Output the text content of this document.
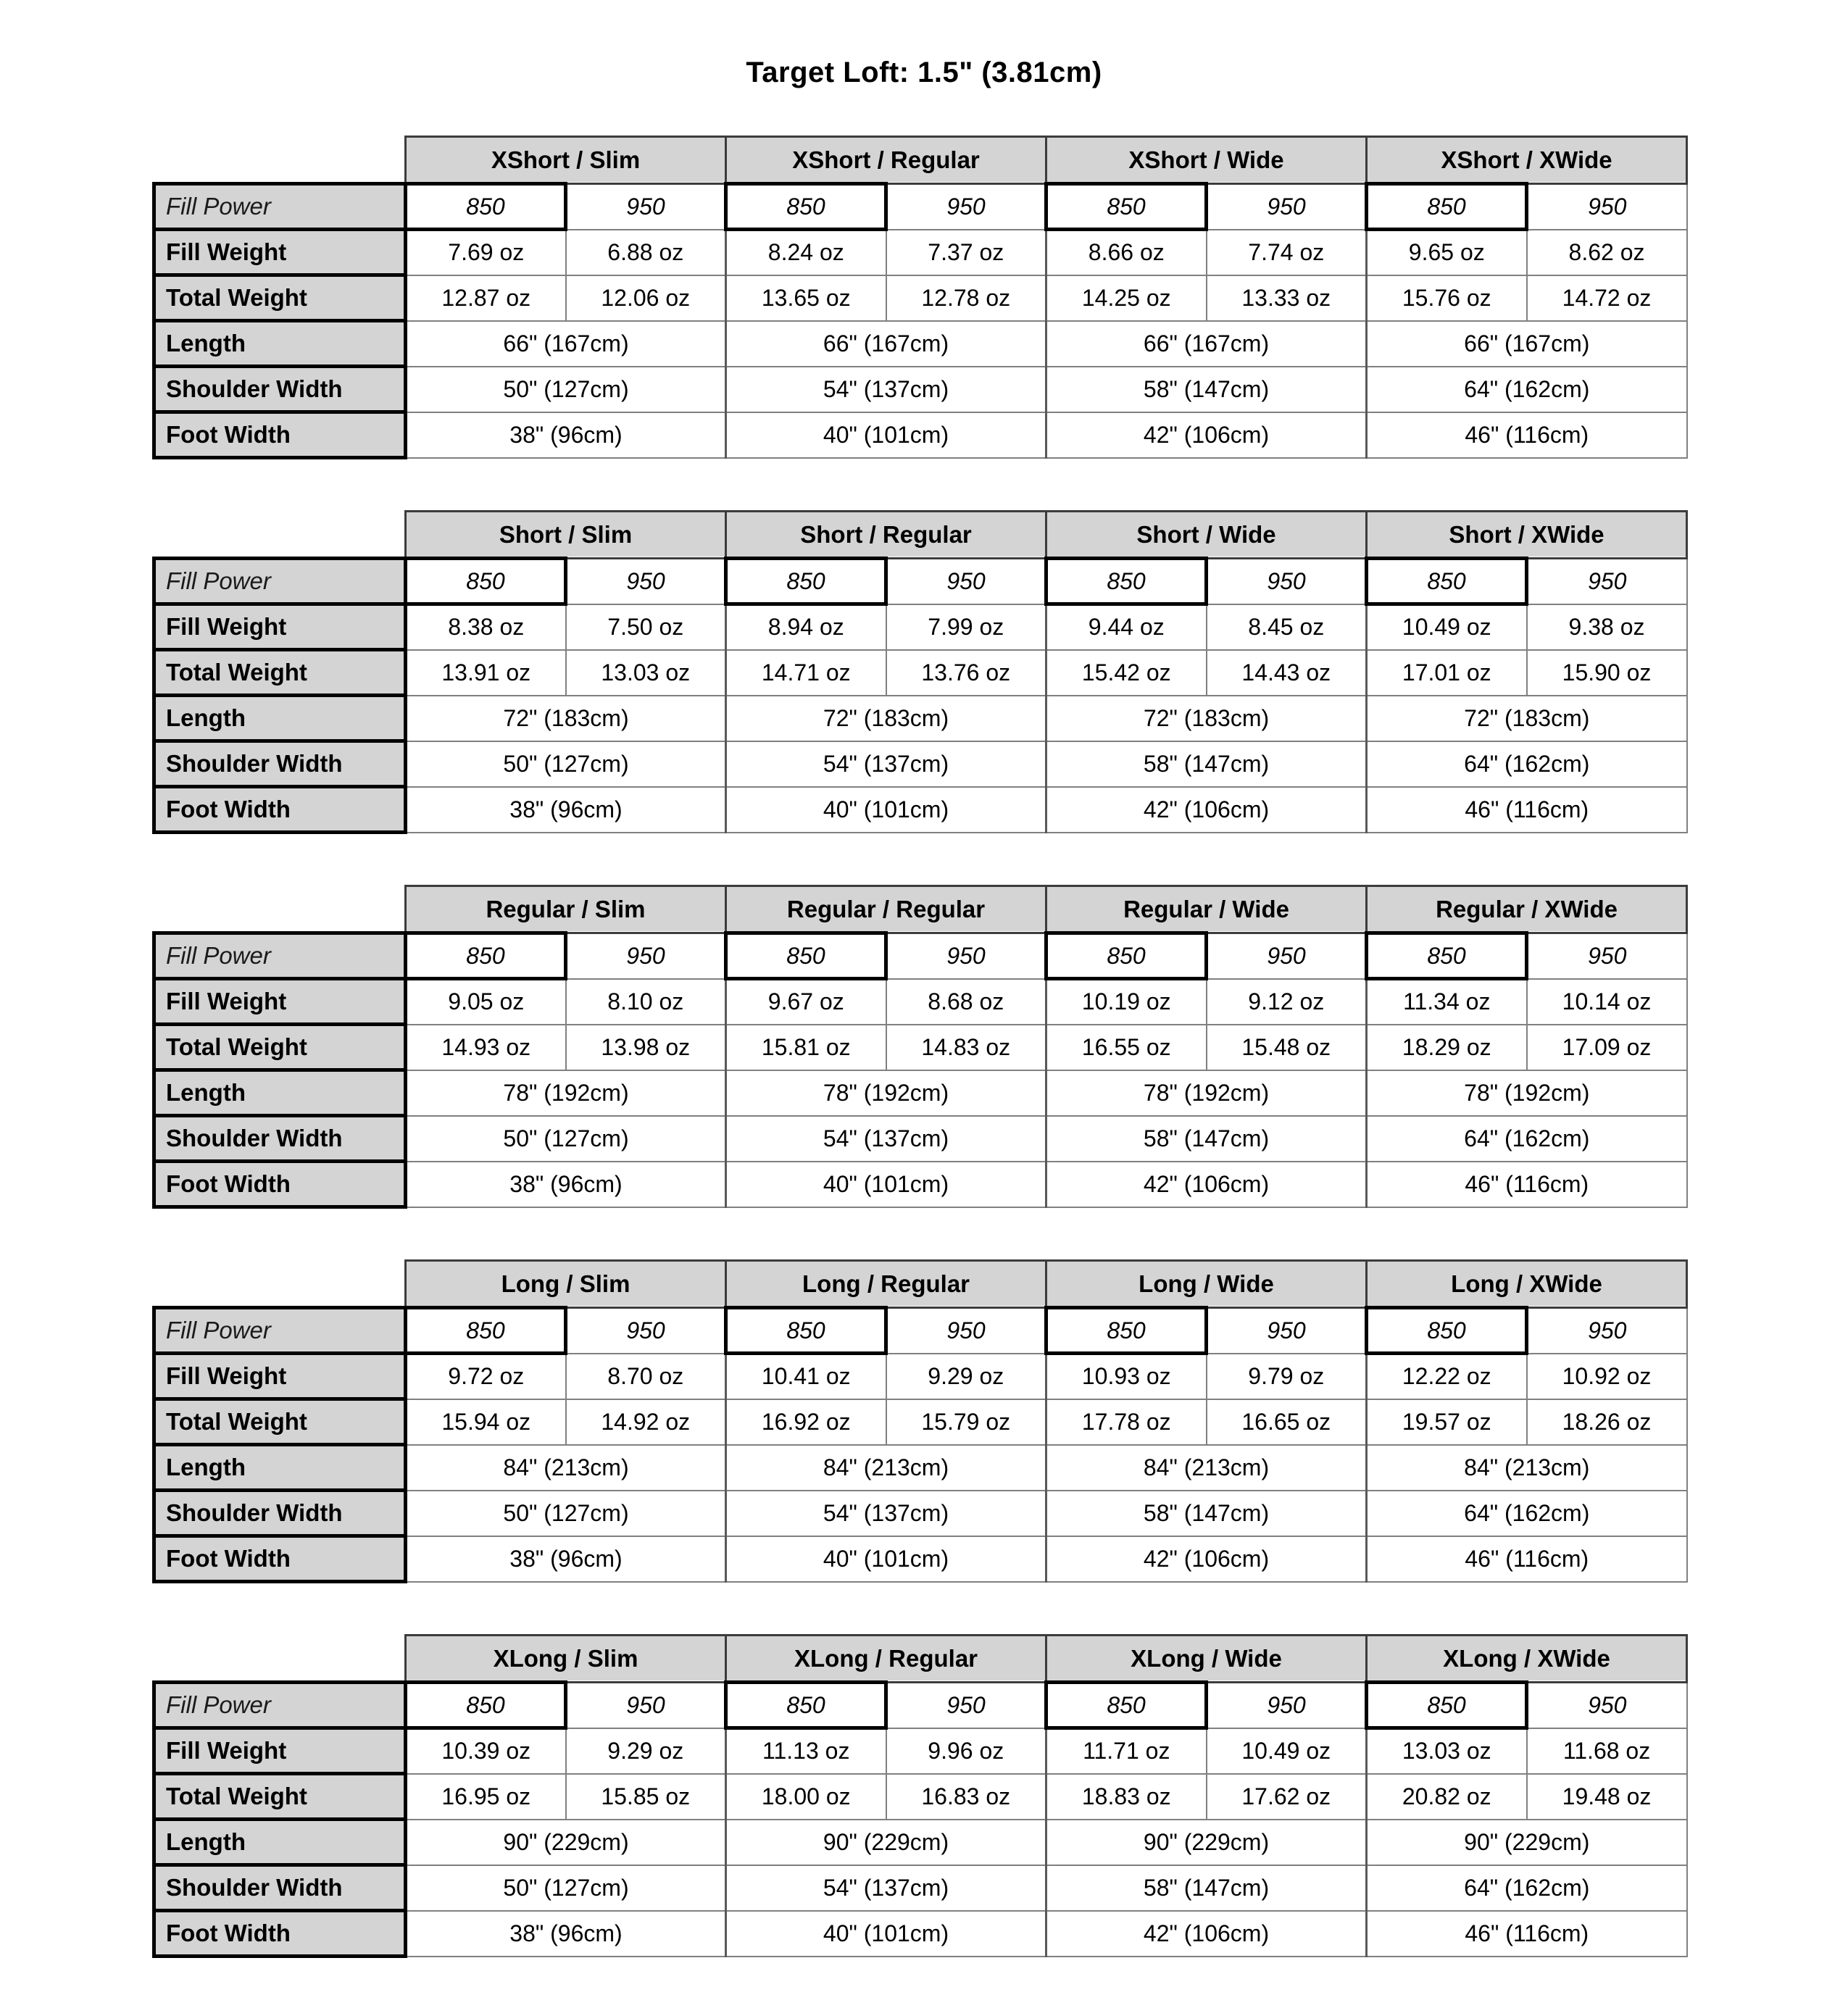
Target Loft: 1.5" (3.81cm)
	XShort / Slim		XShort / Regular		XShort / Wide		XShort / XWide	
Fill Power	850	950	850	950	850	950	850	950
Fill Weight	7.69 oz	6.88 oz	8.24 oz	7.37 oz	8.66 oz	7.74 oz	9.65 oz	8.62 oz
Total Weight	12.87 oz	12.06 oz	13.65 oz	12.78 oz	14.25 oz	13.33 oz	15.76 oz	14.72 oz
Length	66" (167cm)		66" (167cm)		66" (167cm)		66" (167cm)	
Shoulder Width	50" (127cm)		54" (137cm)		58" (147cm)		64" (162cm)	
Foot Width	38" (96cm)		40" (101cm)		42" (106cm)		46" (116cm)	
	Short / Slim		Short / Regular		Short / Wide		Short / XWide	
Fill Power	850	950	850	950	850	950	850	950
Fill Weight	8.38 oz	7.50 oz	8.94 oz	7.99 oz	9.44 oz	8.45 oz	10.49 oz	9.38 oz
Total Weight	13.91 oz	13.03 oz	14.71 oz	13.76 oz	15.42 oz	14.43 oz	17.01 oz	15.90 oz
Length	72" (183cm)		72" (183cm)		72" (183cm)		72" (183cm)	
Shoulder Width	50" (127cm)		54" (137cm)		58" (147cm)		64" (162cm)	
Foot Width	38" (96cm)		40" (101cm)		42" (106cm)		46" (116cm)	
	Regular / Slim		Regular / Regular		Regular / Wide		Regular / XWide	
Fill Power	850	950	850	950	850	950	850	950
Fill Weight	9.05 oz	8.10 oz	9.67 oz	8.68 oz	10.19 oz	9.12 oz	11.34 oz	10.14 oz
Total Weight	14.93 oz	13.98 oz	15.81 oz	14.83 oz	16.55 oz	15.48 oz	18.29 oz	17.09 oz
Length	78" (192cm)		78" (192cm)		78" (192cm)		78" (192cm)	
Shoulder Width	50" (127cm)		54" (137cm)		58" (147cm)		64" (162cm)	
Foot Width	38" (96cm)		40" (101cm)		42" (106cm)		46" (116cm)	
	Long / Slim		Long / Regular		Long / Wide		Long / XWide	
Fill Power	850	950	850	950	850	950	850	950
Fill Weight	9.72 oz	8.70 oz	10.41 oz	9.29 oz	10.93 oz	9.79 oz	12.22 oz	10.92 oz
Total Weight	15.94 oz	14.92 oz	16.92 oz	15.79 oz	17.78 oz	16.65 oz	19.57 oz	18.26 oz
Length	84" (213cm)		84" (213cm)		84" (213cm)		84" (213cm)	
Shoulder Width	50" (127cm)		54" (137cm)		58" (147cm)		64" (162cm)	
Foot Width	38" (96cm)		40" (101cm)		42" (106cm)		46" (116cm)	
	XLong / Slim		XLong / Regular		XLong / Wide		XLong / XWide	
Fill Power	850	950	850	950	850	950	850	950
Fill Weight	10.39 oz	9.29 oz	11.13 oz	9.96 oz	11.71 oz	10.49 oz	13.03 oz	11.68 oz
Total Weight	16.95 oz	15.85 oz	18.00 oz	16.83 oz	18.83 oz	17.62 oz	20.82 oz	19.48 oz
Length	90" (229cm)		90" (229cm)		90" (229cm)		90" (229cm)	
Shoulder Width	50" (127cm)		54" (137cm)		58" (147cm)		64" (162cm)	
Foot Width	38" (96cm)		40" (101cm)		42" (106cm)		46" (116cm)	
